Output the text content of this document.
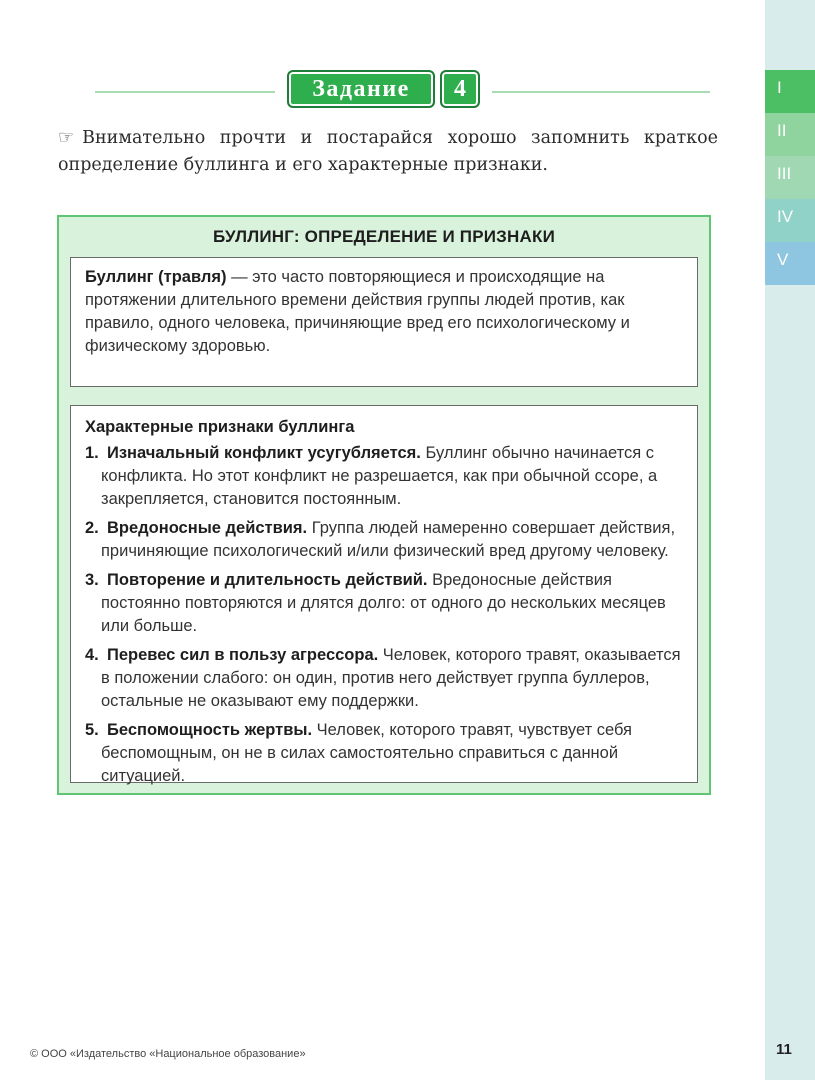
I
II
III
IV
V
Задание	4
☞ Внимательно прочти и постарайся хорошо запомнить краткое определение буллинга и его характерные признаки.
БУЛЛИНГ: ОПРЕДЕЛЕНИЕ И ПРИЗНАКИ
Буллинг (травля) — это часто повторяющиеся и происходящие на протяжении длительного времени действия группы людей против, как правило, одного человека, причиняющие вред его психологическому и физическому здоровью.
Характерные признаки буллинга
1. Изначальный конфликт усугубляется. Буллинг обычно начинается с конфликта. Но этот конфликт не разрешается, как при обычной ссоре, а закрепляется, становится постоянным.
2. Вредоносные действия. Группа людей намеренно совершает действия, причиняющие психологический и/или физический вред другому человеку.
3. Повторение и длительность действий. Вредоносные действия постоянно повторяются и длятся долго: от одного до нескольких месяцев или больше.
4. Перевес сил в пользу агрессора. Человек, которого травят, оказывается в положении слабого: он один, против него действует группа буллеров, остальные не оказывают ему поддержки.
5. Беспомощность жертвы. Человек, которого травят, чувствует себя беспомощным, он не в силах самостоятельно справиться с данной ситуацией.
© ООО «Издательство «Национальное образование»	11
